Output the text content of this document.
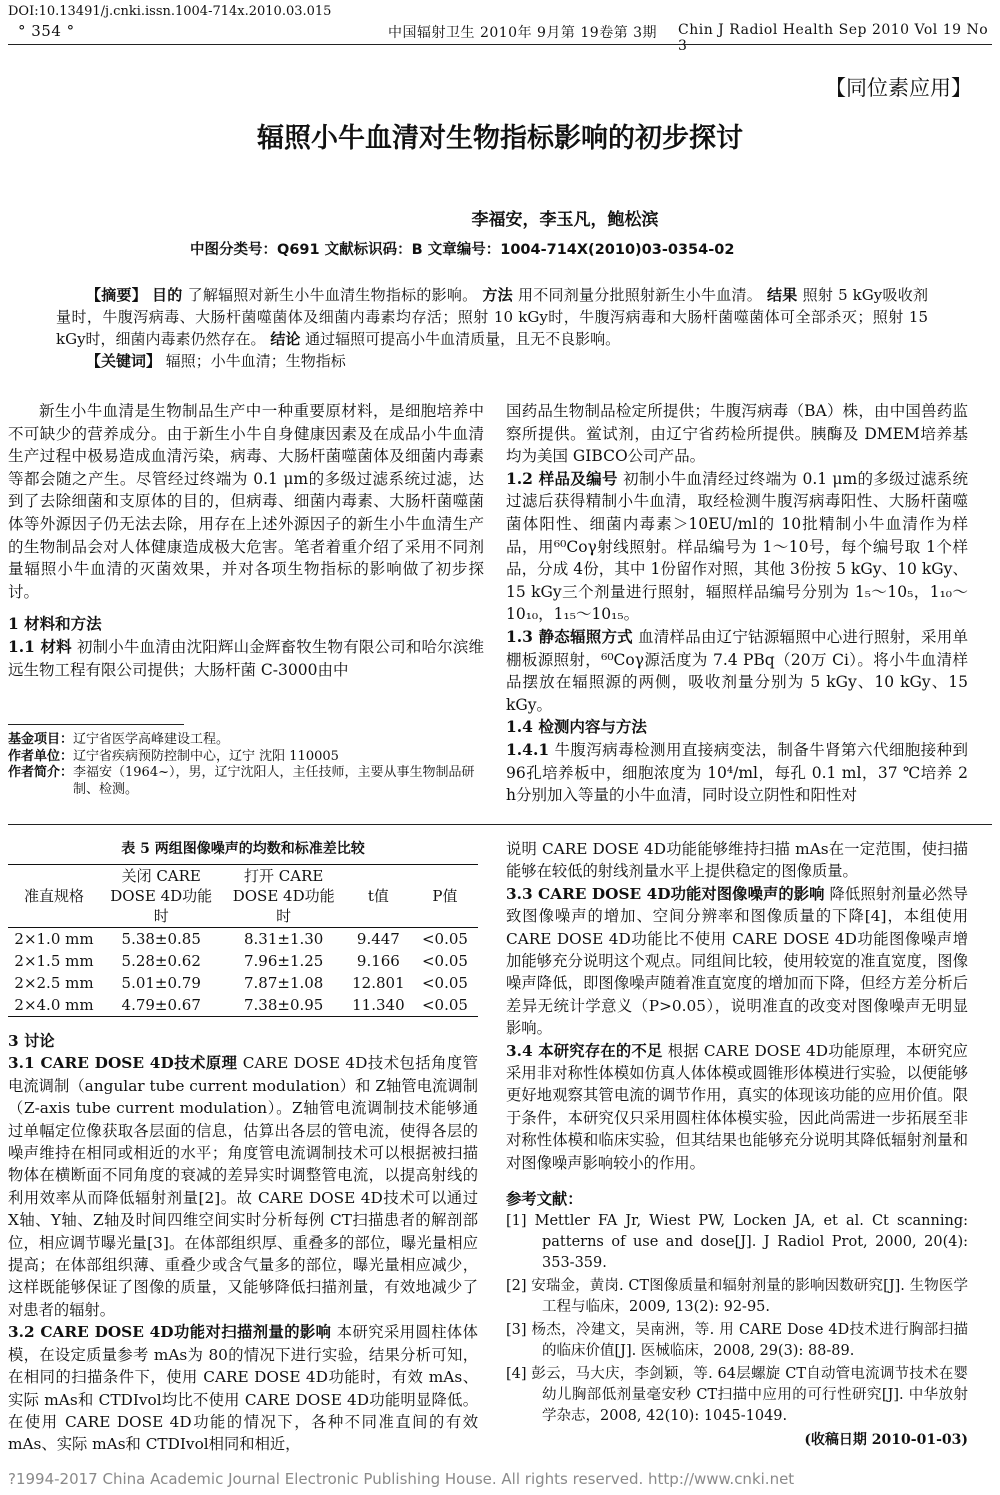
DOI:10.13491/j.cnki.issn.1004-714x.2010.03.015
° 354 °	中国辐射卫生 2010年 9月第 19卷第 3期 Chin J Radiol Health Sep 2010 Vol 19 No 3
【同位素应用】
辐照小牛血清对生物指标影响的初步探讨
李福安，李玉凡，鲍松滨
中图分类号：Q691 文献标识码：B 文章编号：1004-714X(2010)03-0354-02

【摘要】 目的 了解辐照对新生小牛血清生物指标的影响。 方法 用不同剂量分批照射新生小牛血清。 结果 照射 5 kGy吸收剂量时，牛腹泻病毒、大肠杆菌噬菌体及细菌内毒素均存活；照射 10 kGy时，牛腹泻病毒和大肠杆菌噬菌体可全部杀灭；照射 15 kGy时，细菌内毒素仍然存在。 结论 通过辐照可提高小牛血清质量，且无不良影响。

【关键词】 辐照；小牛血清；生物指标

新生小牛血清是生物制品生产中一种重要原材料，是细胞培养中不可缺少的营养成分。由于新生小牛自身健康因素及在成品小牛血清生产过程中极易造成血清污染，病毒、大肠杆菌噬菌体及细菌内毒素等都会随之产生。尽管经过终端为 0.1 μm的多级过滤系统过滤，达到了去除细菌和支原体的目的，但病毒、细菌内毒素、大肠杆菌噬菌体等外源因子仍无法去除，用存在上述外源因子的新生小牛血清生产的生物制品会对人体健康造成极大危害。笔者着重介绍了采用不同剂量辐照小牛血清的灭菌效果，并对各项生物指标的影响做了初步探讨。

1 材料和方法

1.1 材料 初制小牛血清由沈阳辉山金辉畜牧生物有限公司和哈尔滨维远生物工程有限公司提供；大肠杆菌 C-3000由中

基金项目：辽宁省医学高峰建设工程。
作者单位：辽宁省疾病预防控制中心，辽宁 沈阳 110005
作者简介：李福安（1964~），男，辽宁沈阳人，主任技师，主要从事生物制品研制、检测。

国药品生物制品检定所提供；牛腹泻病毒（BA）株，由中国兽药监察所提供。鲎试剂，由辽宁省药检所提供。胰酶及 DMEM培养基均为美国 GIBCO公司产品。

1.2 样品及编号 初制小牛血清经过终端为 0.1 μm的多级过滤系统过滤后获得精制小牛血清，取经检测牛腹泻病毒阳性、大肠杆菌噬菌体阳性、细菌内毒素＞10EU/ml的 10批精制小牛血清作为样品，用⁶⁰Coγ射线照射。样品编号为 1～10号，每个编号取 1个样品，分成 4份，其中 1份留作对照，其他 3份按 5 kGy、10 kGy、15 kGy三个剂量进行照射，辐照样品编号分别为 1₅～10₅，1₁₀～10₁₀，1₁₅～10₁₅。

1.3 静态辐照方式 血清样品由辽宁钴源辐照中心进行照射，采用单棚板源照射，⁶⁰Coγ源活度为 7.4 PBq（20万 Ci）。将小牛血清样品摆放在辐照源的两侧，吸收剂量分别为 5 kGy、10 kGy、15 kGy。

1.4 检测内容与方法

1.4.1 牛腹泻病毒检测用直接病变法，制备牛肾第六代细胞接种到 96孔培养板中，细胞浓度为 10⁴/ml，每孔 0.1 ml，37 ℃培养 2 h分别加入等量的小牛血清，同时设立阴性和阳性对

表 5 两组图像噪声的均数和标准差比较
准直规格	关闭 CARE DOSE 4D功能时	打开 CARE DOSE 4D功能时	t值	P值
2×1.0 mm	5.38±0.85	8.31±1.30	9.447	<0.05
2×1.5 mm	5.28±0.62	7.96±1.25	9.166	<0.05
2×2.5 mm	5.01±0.79	7.87±1.08	12.801	<0.05
2×4.0 mm	4.79±0.67	7.38±0.95	11.340	<0.05

3 讨论

3.1 CARE DOSE 4D技术原理 CARE DOSE 4D技术包括角度管电流调制（angular tube current modulation）和 Z轴管电流调制（Z-axis tube current modulation）。Z轴管电流调制技术能够通过单幅定位像获取各层面的信息，估算出各层的管电流，使得各层的噪声维持在相同或相近的水平；角度管电流调制技术可以根据被扫描物体在横断面不同角度的衰减的差异实时调整管电流，以提高射线的利用效率从而降低辐射剂量[2]。故 CARE DOSE 4D技术可以通过 X轴、Y轴、Z轴及时间四维空间实时分析每例 CT扫描患者的解剖部位，相应调节曝光量[3]。在体部组织厚、重叠多的部位，曝光量相应提高；在体部组织薄、重叠少或含气量多的部位，曝光量相应减少，这样既能够保证了图像的质量，又能够降低扫描剂量，有效地减少了对患者的辐射。

3.2 CARE DOSE 4D功能对扫描剂量的影响 本研究采用圆柱体体模，在设定质量参考 mAs为 80的情况下进行实验，结果分析可知，在相同的扫描条件下，使用 CARE DOSE 4D功能时，有效 mAs、实际 mAs和 CTDIvol均比不使用 CARE DOSE 4D功能明显降低。在使用 CARE DOSE 4D功能的情况下，各种不同准直间的有效 mAs、实际 mAs和 CTDIvol相同和相近，

说明 CARE DOSE 4D功能能够维持扫描 mAs在一定范围，使扫描能够在较低的射线剂量水平上提供稳定的图像质量。

3.3 CARE DOSE 4D功能对图像噪声的影响 降低照射剂量必然导致图像噪声的增加、空间分辨率和图像质量的下降[4]，本组使用 CARE DOSE 4D功能比不使用 CARE DOSE 4D功能图像噪声增加能够充分说明这个观点。同组间比较，使用较宽的准直宽度，图像噪声降低，即图像噪声随着准直宽度的增加而下降，但经方差分析后差异无统计学意义（P>0.05），说明准直的改变对图像噪声无明显影响。

3.4 本研究存在的不足 根据 CARE DOSE 4D功能原理，本研究应采用非对称性体模如仿真人体体模或圆锥形体模进行实验，以便能够更好地观察其管电流的调节作用，真实的体现该功能的应用价值。限于条件，本研究仅只采用圆柱体体模实验，因此尚需进一步拓展至非对称性体模和临床实验，但其结果也能够充分说明其降低辐射剂量和对图像噪声影响较小的作用。

参考文献：

[1] Mettler FA Jr, Wiest PW, Locken JA, et al. Ct scanning: patterns of use and dose[J]. J Radiol Prot, 2000, 20(4): 353-359.

[2] 安瑞金，黄岗. CT图像质量和辐射剂量的影响因数研究[J]. 生物医学工程与临床，2009, 13(2): 92-95.

[3] 杨杰，冷建文，吴南洲，等. 用 CARE Dose 4D技术进行胸部扫描的临床价值[J]. 医械临床，2008, 29(3): 88-89.

[4] 彭云，马大庆，李剑颖，等. 64层螺旋 CT自动管电流调节技术在婴幼儿胸部低剂量毫安秒 CT扫描中应用的可行性研究[J]. 中华放射学杂志，2008, 42(10): 1045-1049.

(收稿日期 2010-01-03)

?1994-2017 China Academic Journal Electronic Publishing House. All rights reserved. http://www.cnki.net
